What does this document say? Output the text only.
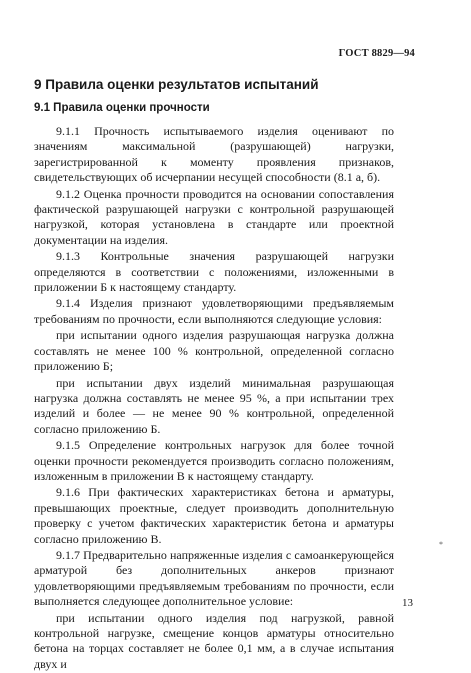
ГОСТ 8829—94
9 Правила оценки результатов испытаний
9.1 Правила оценки прочности

9.1.1 Прочность испытываемого изделия оценивают по значениям максимальной (разрушающей) нагрузки, зарегистрированной к моменту проявления признаков, свидетельствующих об исчерпании несущей способности (8.1 а, б).

9.1.2 Оценка прочности проводится на основании сопоставления фактической разрушающей нагрузки с контрольной разрушающей нагрузкой, которая установлена в стандарте или проектной документации на изделия.

9.1.3 Контрольные значения разрушающей нагрузки определяются в соответствии с положениями, изложенными в приложении Б к настоящему стандарту.

9.1.4 Изделия признают удовлетворяющими предъявляемым требованиям по прочности, если выполняются следующие условия:

при испытании одного изделия разрушающая нагрузка должна составлять не менее 100 % контрольной, определенной согласно приложению Б;

при испытании двух изделий минимальная разрушающая нагрузка должна составлять не менее 95 %, а при испытании трех изделий и более — не менее 90 % контрольной, определенной согласно приложению Б.

9.1.5 Определение контрольных нагрузок для более точной оценки прочности рекомендуется производить согласно положениям, изложенным в приложении В к настоящему стандарту.

9.1.6 При фактических характеристиках бетона и арматуры, превышающих проектные, следует производить дополнительную проверку с учетом фактических характеристик бетона и арматуры согласно приложению В.

9.1.7 Предварительно напряженные изделия с самоанкерующейся арматурой без дополнительных анкеров признают удовлетворяющими предъявляемым требованиям по прочности, если выполняется следующее дополнительное условие:

при испытании одного изделия под нагрузкой, равной контрольной нагрузке, смещение концов арматуры относительно бетона на торцах составляет не более 0,1 мм, а в случае испытания двух и

*
13
